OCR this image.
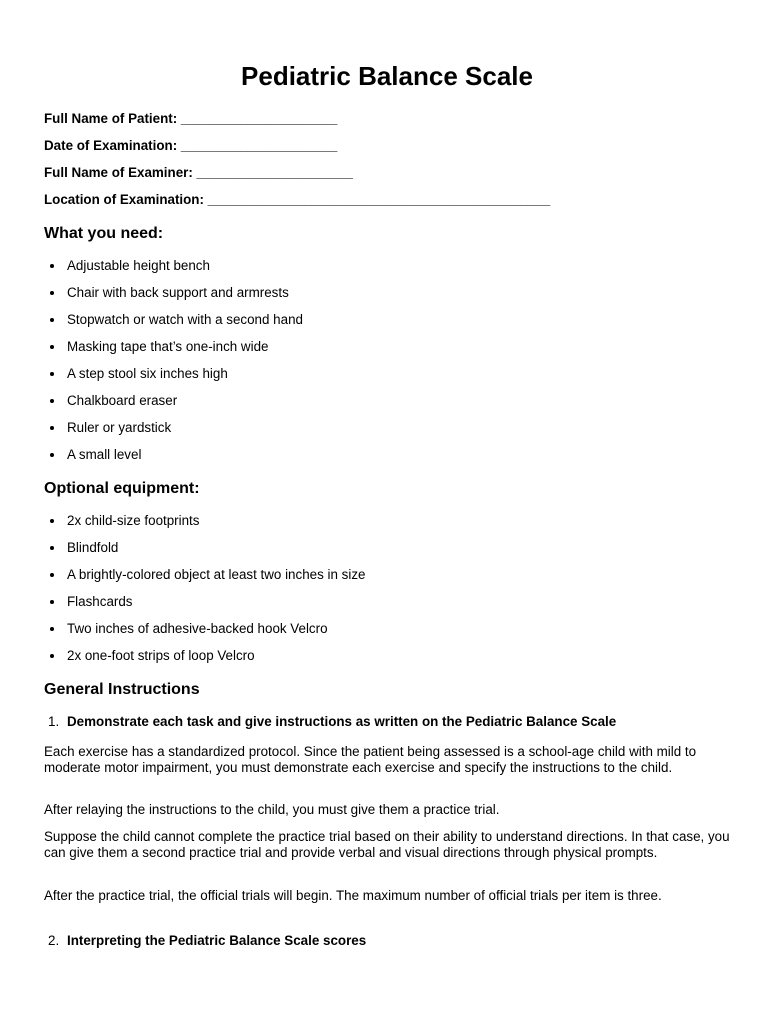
Pediatric Balance Scale
Full Name of Patient: _____________________
Date of Examination: _____________________
Full Name of Examiner: _____________________
Location of Examination: ______________________________________________
What you need:
Adjustable height bench
Chair with back support and armrests
Stopwatch or watch with a second hand
Masking tape that’s one-inch wide
A step stool six inches high
Chalkboard eraser
Ruler or yardstick
A small level
Optional equipment:
2x child-size footprints
Blindfold
A brightly-colored object at least two inches in size
Flashcards
Two inches of adhesive-backed hook Velcro
2x one-foot strips of loop Velcro
General Instructions
1. Demonstrate each task and give instructions as written on the Pediatric Balance Scale

Each exercise has a standardized protocol. Since the patient being assessed is a school-age child with mild to moderate motor impairment, you must demonstrate each exercise and specify the instructions to the child.

After relaying the instructions to the child, you must give them a practice trial.

Suppose the child cannot complete the practice trial based on their ability to understand directions. In that case, you can give them a second practice trial and provide verbal and visual directions through physical prompts.

After the practice trial, the official trials will begin. The maximum number of official trials per item is three.

2. Interpreting the Pediatric Balance Scale scores
